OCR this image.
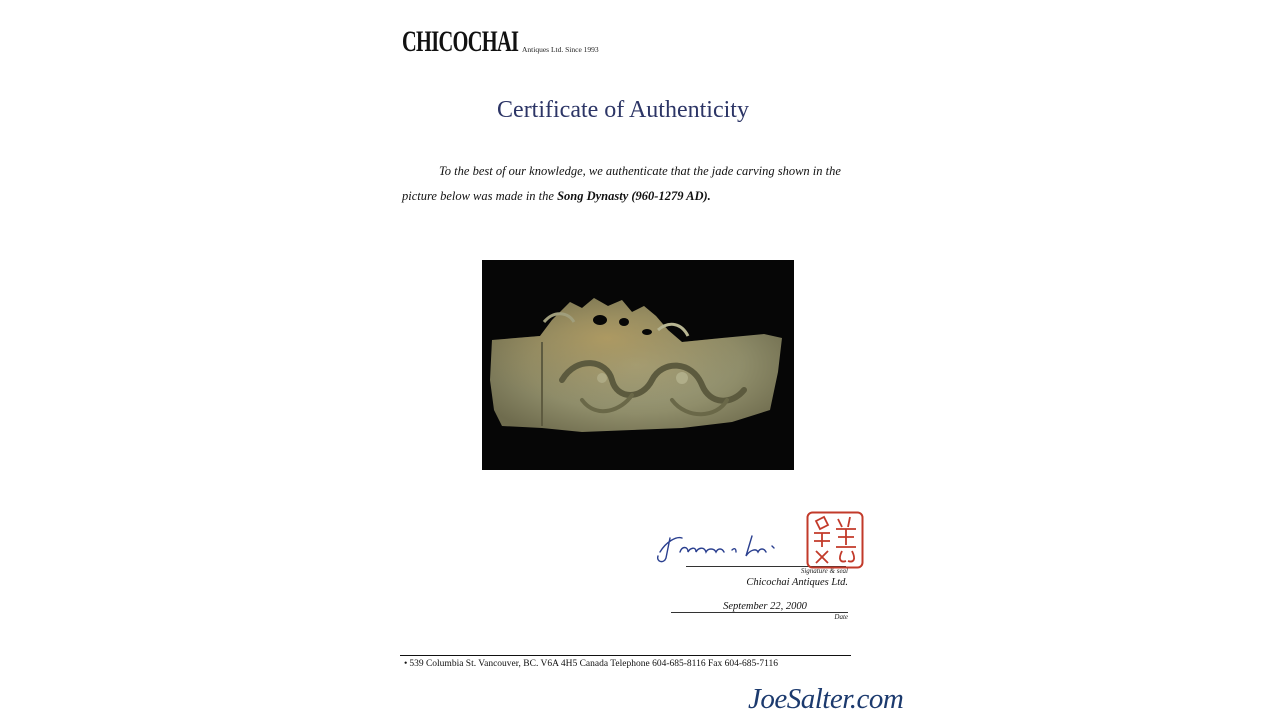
CHICOCHAI Antiques Ltd. Since 1993
Certificate of Authenticity
To the best of our knowledge, we authenticate that the jade carving shown in the picture below was made in the Song Dynasty (960-1279 AD).
Signature & seal
Chicochai Antiques Ltd.
September 22, 2000
Date
• 539 Columbia St. Vancouver, BC. V6A 4H5 Canada Telephone 604-685-8116 Fax 604-685-7116
JoeSalter.com
